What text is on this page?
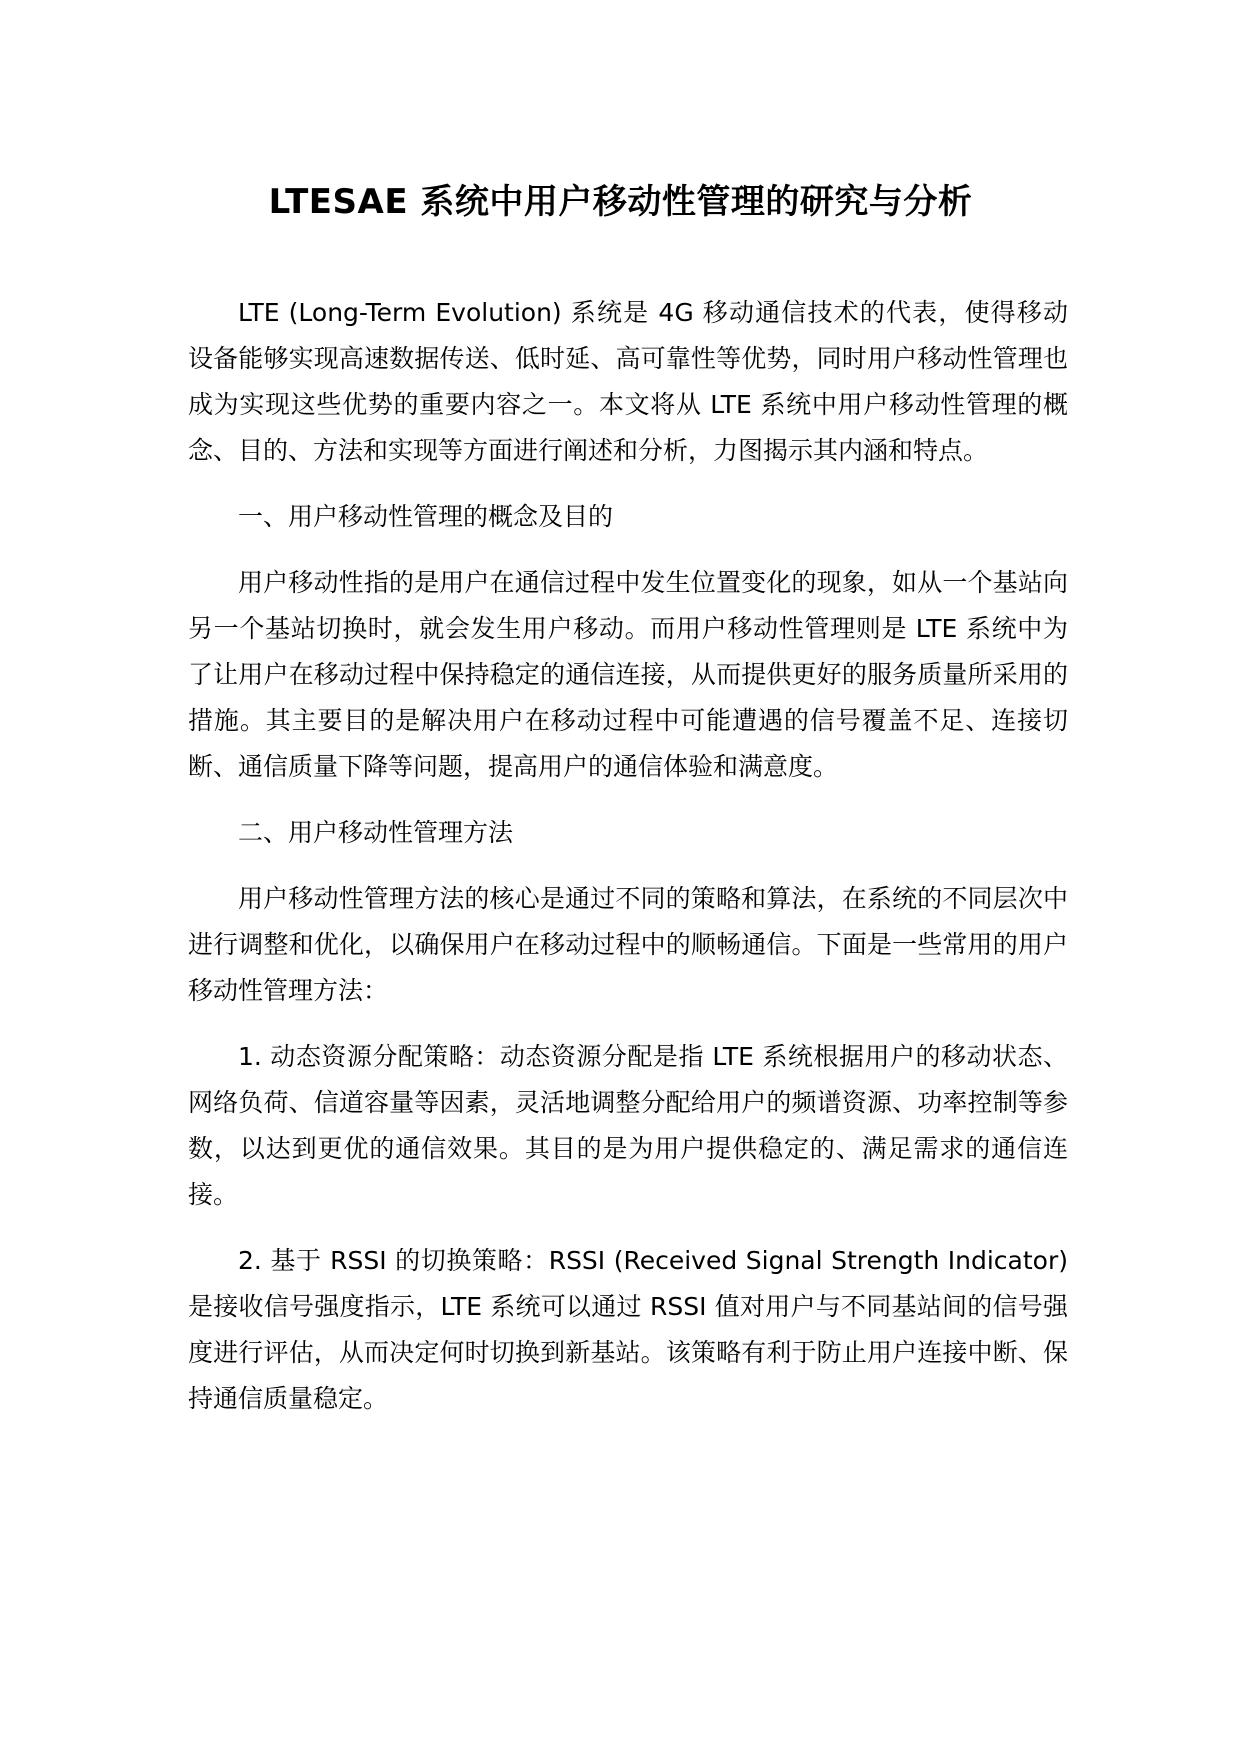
LTESAE 系统中用户移动性管理的研究与分析

LTE (Long-Term Evolution) 系统是 4G 移动通信技术的代表，使得移动设备能够实现高速数据传送、低时延、高可靠性等优势，同时用户移动性管理也成为实现这些优势的重要内容之一。本文将从 LTE 系统中用户移动性管理的概念、目的、方法和实现等方面进行阐述和分析，力图揭示其内涵和特点。

一、用户移动性管理的概念及目的

用户移动性指的是用户在通信过程中发生位置变化的现象，如从一个基站向另一个基站切换时，就会发生用户移动。而用户移动性管理则是 LTE 系统中为了让用户在移动过程中保持稳定的通信连接，从而提供更好的服务质量所采用的措施。其主要目的是解决用户在移动过程中可能遭遇的信号覆盖不足、连接切断、通信质量下降等问题，提高用户的通信体验和满意度。

二、用户移动性管理方法

用户移动性管理方法的核心是通过不同的策略和算法，在系统的不同层次中进行调整和优化，以确保用户在移动过程中的顺畅通信。下面是一些常用的用户移动性管理方法：

1. 动态资源分配策略：动态资源分配是指 LTE 系统根据用户的移动状态、网络负荷、信道容量等因素，灵活地调整分配给用户的频谱资源、功率控制等参数，以达到更优的通信效果。其目的是为用户提供稳定的、满足需求的通信连接。

2. 基于 RSSI 的切换策略：RSSI (Received Signal Strength Indicator) 是接收信号强度指示，LTE 系统可以通过 RSSI 值对用户与不同基站间的信号强度进行评估，从而决定何时切换到新基站。该策略有利于防止用户连接中断、保持通信质量稳定。
